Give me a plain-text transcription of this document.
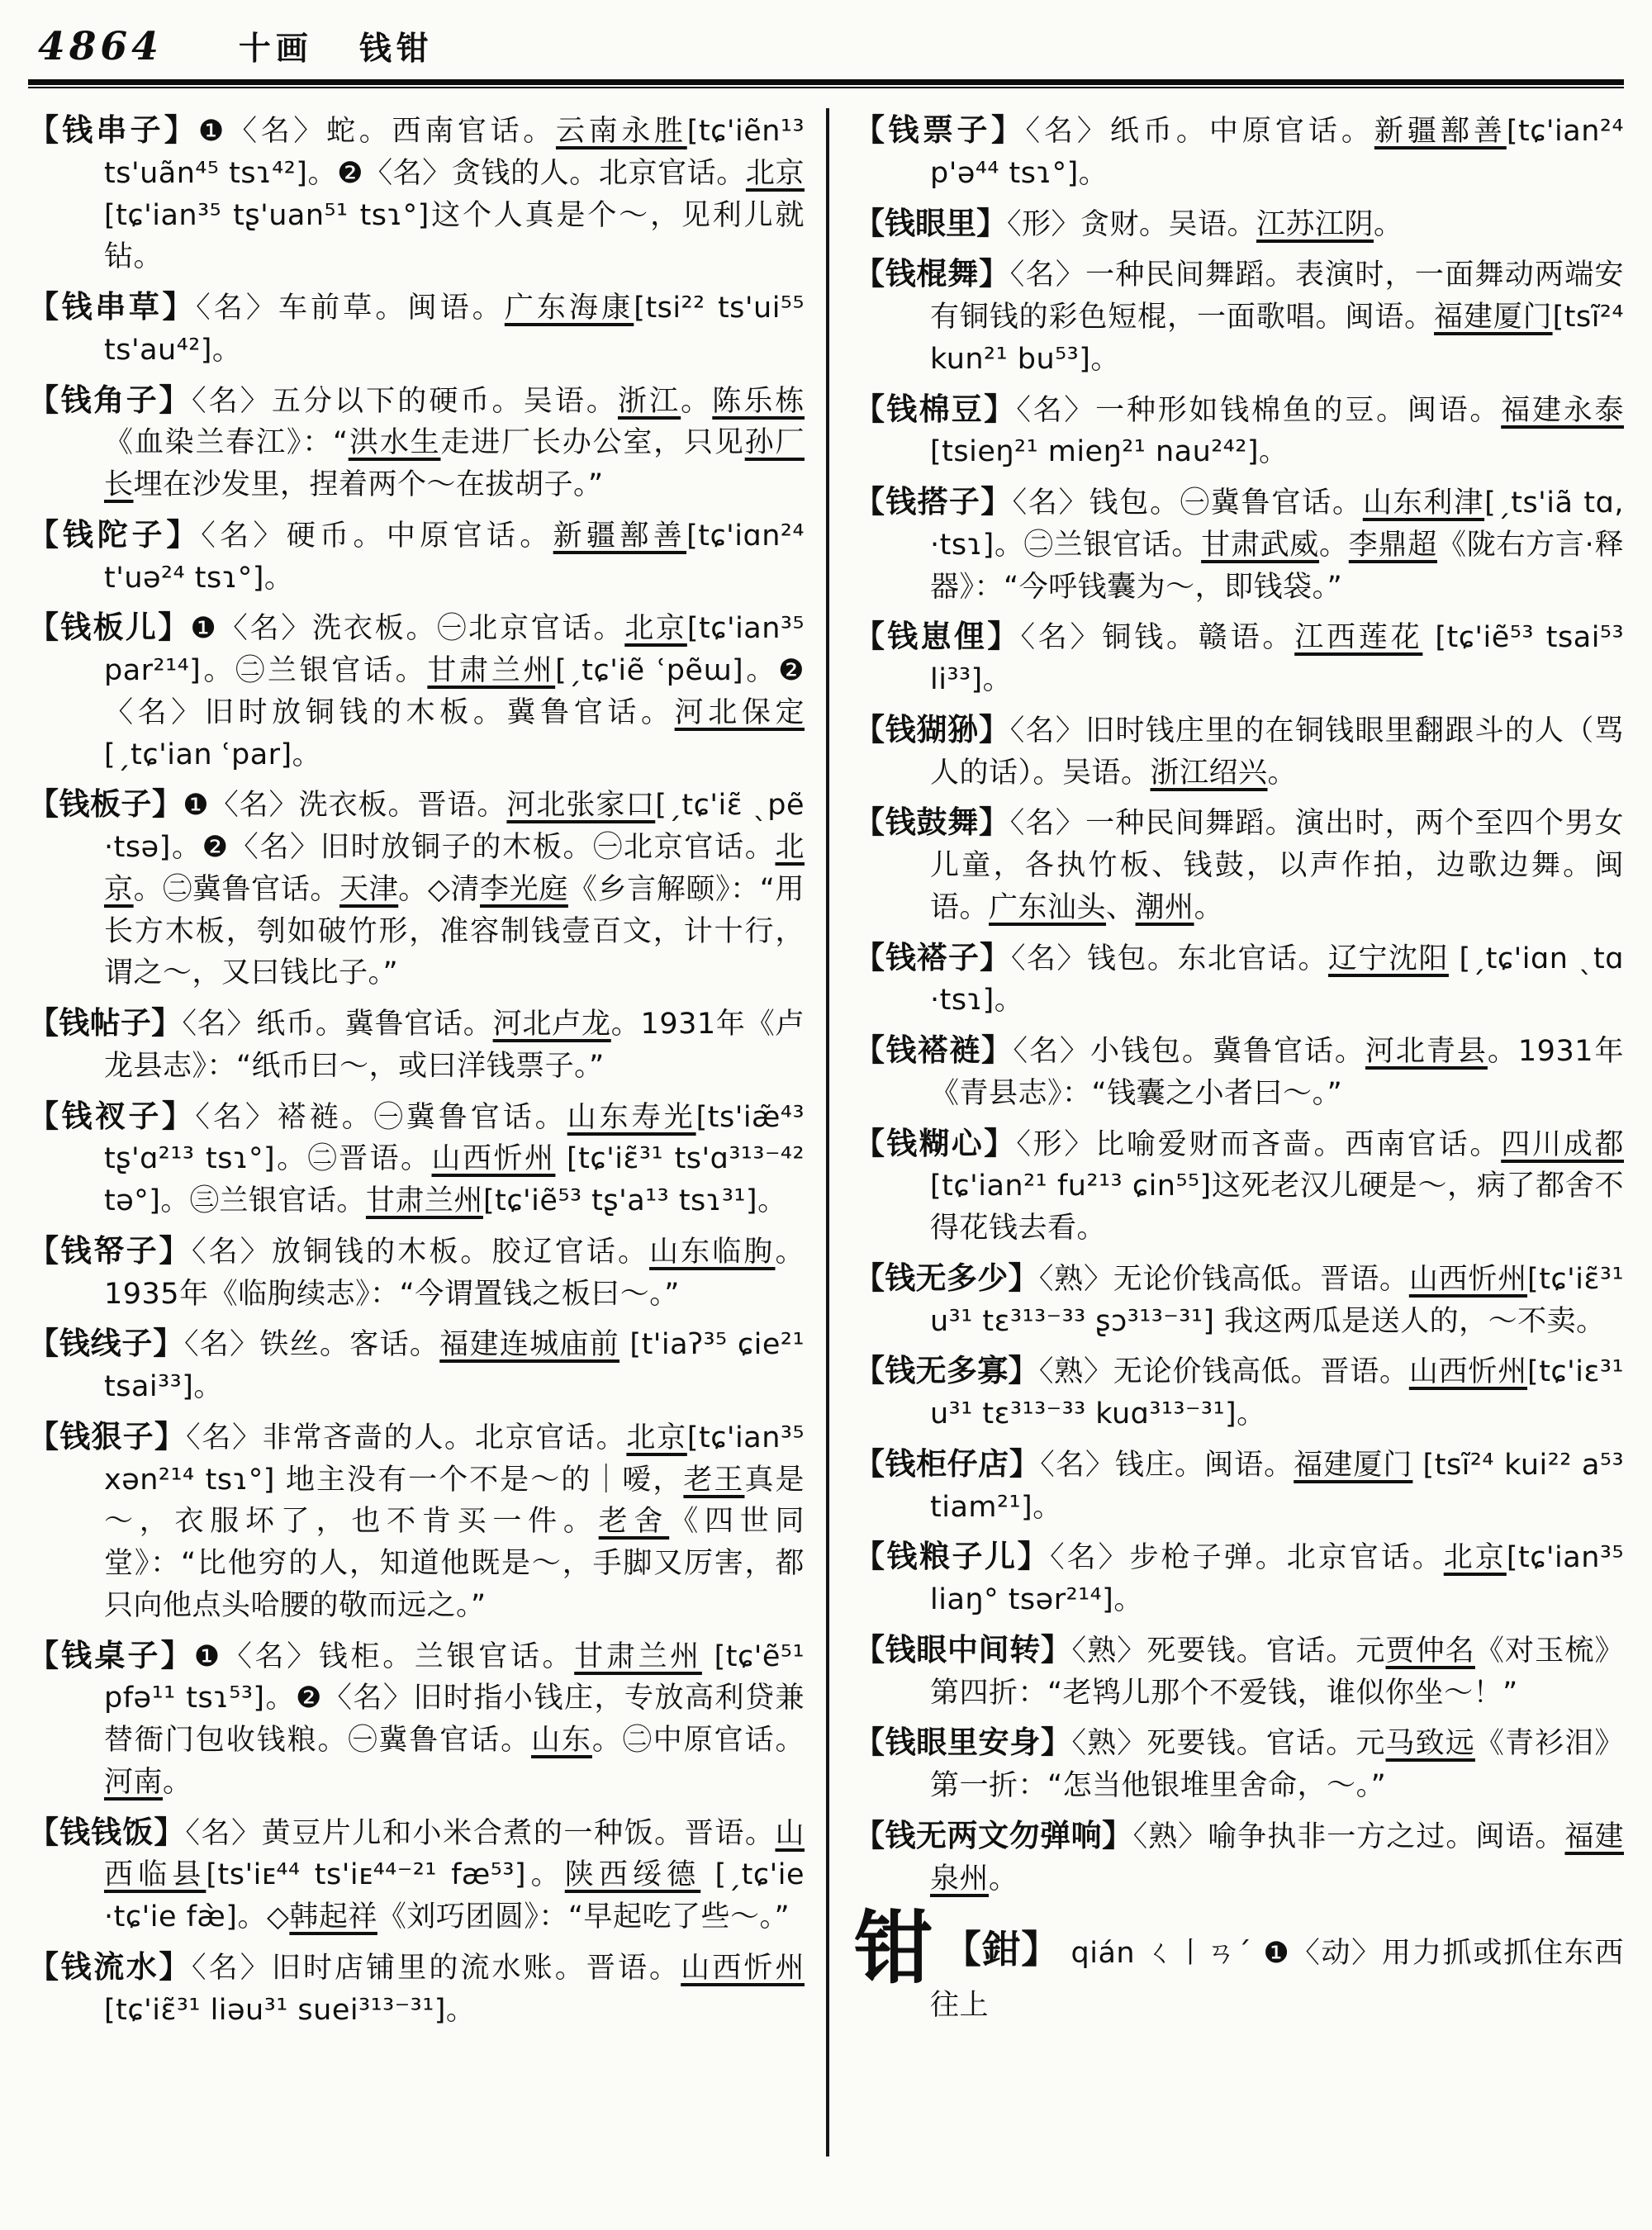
4864 十画 钱钳

【钱串子】❶〈名〉蛇。西南官话。云南永胜[tɕ'iẽn¹³ ts'uãn⁴⁵ tsɿ⁴²]。❷〈名〉贪钱的人。北京官话。北京[tɕ'ian³⁵ tʂ'uan⁵¹ tsɿ°]这个人真是个～，见利儿就钻。

【钱串草】〈名〉车前草。闽语。广东海康[tsi²² ts'ui⁵⁵ ts'au⁴²]。

【钱角子】〈名〉五分以下的硬币。吴语。浙江。陈乐栋《血染兰春江》：“洪水生走进厂长办公室，只见孙厂长埋在沙发里，捏着两个～在拔胡子。”

【钱陀子】〈名〉硬币。中原官话。新疆鄯善[tɕ'iɑn²⁴ t'uə²⁴ tsɿ°]。

【钱板儿】❶〈名〉洗衣板。㊀北京官话。北京[tɕ'ian³⁵ par²¹⁴]。㊁兰银官话。甘肃兰州[ˏtɕ'iẽ ʿpẽɯ]。❷〈名〉旧时放铜钱的木板。冀鲁官话。河北保定 [ˏtɕ'ian ʿpar]。

【钱板子】❶〈名〉洗衣板。晋语。河北张家口[ˏtɕ'iɛ̃ ˎpẽ ·tsə]。❷〈名〉旧时放铜子的木板。㊀北京官话。北京。㊁冀鲁官话。天津。◇清李光庭《乡言解颐》：“用长方木板，刳如破竹形，准容制钱壹百文，计十行，谓之～，又曰钱比子。”

【钱帖子】〈名〉纸币。冀鲁官话。河北卢龙。1931年《卢龙县志》：“纸币曰～，或曰洋钱票子。”

【钱衩子】〈名〉褡裢。㊀冀鲁官话。山东寿光[ts'iæ̃⁴³ tʂ'ɑ²¹³ tsɿ°]。㊁晋语。山西忻州 [tɕ'iɛ̃³¹ ts'ɑ³¹³⁻⁴² tə°]。㊂兰银官话。甘肃兰州[tɕ'iẽ⁵³ tʂ'a¹³ tsɿ³¹]。

【钱帑子】〈名〉放铜钱的木板。胶辽官话。山东临朐。1935年《临朐续志》：“今谓置钱之板曰～。”

【钱线子】〈名〉铁丝。客话。福建连城庙前 [t'iaʔ³⁵ ɕie²¹ tsai³³]。

【钱狠子】〈名〉非常吝啬的人。北京官话。北京[tɕ'ian³⁵ xən²¹⁴ tsɿ°] 地主没有一个不是～的｜嗳，老王真是～，衣服坏了，也不肯买一件。老舍《四世同堂》：“比他穷的人，知道他既是～，手脚又厉害，都只向他点头哈腰的敬而远之。”

【钱桌子】❶〈名〉钱柜。兰银官话。甘肃兰州 [tɕ'ẽ⁵¹ pfə¹¹ tsɿ⁵³]。❷〈名〉旧时指小钱庄，专放高利贷兼替衙门包收钱粮。㊀冀鲁官话。山东。㊁中原官话。河南。

【钱钱饭】〈名〉黄豆片儿和小米合煮的一种饭。晋语。山西临县[ts'iᴇ⁴⁴ ts'iᴇ⁴⁴⁻²¹ fæ⁵³]。陕西绥德 [ˏtɕ'ie ·tɕ'ie fæ̀]。◇韩起祥《刘巧团圆》：“早起吃了些～。”

【钱流水】〈名〉旧时店铺里的流水账。晋语。山西忻州 [tɕ'iɛ̃³¹ liəu³¹ suei³¹³⁻³¹]。

【钱票子】〈名〉纸币。中原官话。新疆鄯善[tɕ'ian²⁴ p'ə⁴⁴ tsɿ°]。

【钱眼里】〈形〉贪财。吴语。江苏江阴。

【钱棍舞】〈名〉一种民间舞蹈。表演时，一面舞动两端安有铜钱的彩色短棍，一面歌唱。闽语。福建厦门[tsĩ²⁴ kun²¹ bu⁵³]。

【钱棉豆】〈名〉一种形如钱棉鱼的豆。闽语。福建永泰[tsieŋ²¹ mieŋ²¹ nau²⁴²]。

【钱搭子】〈名〉钱包。㊀冀鲁官话。山东利津[ˏts'iã tɑ, ·tsɿ]。㊁兰银官话。甘肃武威。李鼎超《陇右方言·释器》：“今呼钱囊为～，即钱袋。”

【钱崽俚】〈名〉铜钱。赣语。江西莲花 [tɕ'iẽ⁵³ tsai⁵³ li³³]。

【钱猢狲】〈名〉旧时钱庄里的在铜钱眼里翻跟斗的人（骂人的话）。吴语。浙江绍兴。

【钱鼓舞】〈名〉一种民间舞蹈。演出时，两个至四个男女儿童，各执竹板、钱鼓，以声作拍，边歌边舞。闽语。广东汕头、潮州。

【钱褡子】〈名〉钱包。东北官话。辽宁沈阳 [ˏtɕ'iɑn ˎtɑ ·tsɿ]。

【钱褡裢】〈名〉小钱包。冀鲁官话。河北青县。1931年《青县志》：“钱囊之小者曰～。”

【钱糊心】〈形〉比喻爱财而吝啬。西南官话。四川成都[tɕ'ian²¹ fu²¹³ ɕin⁵⁵]这死老汉儿硬是～，病了都舍不得花钱去看。

【钱无多少】〈熟〉无论价钱高低。晋语。山西忻州[tɕ'iɛ̃³¹ u³¹ tɛ³¹³⁻³³ ʂɔ³¹³⁻³¹] 我这两瓜是送人的，～不卖。

【钱无多寡】〈熟〉无论价钱高低。晋语。山西忻州[tɕ'iɛ³¹ u³¹ tɛ³¹³⁻³³ kuɑ³¹³⁻³¹]。

【钱柜仔店】〈名〉钱庄。闽语。福建厦门 [tsĩ²⁴ kui²² a⁵³ tiam²¹]。

【钱粮子儿】〈名〉步枪子弹。北京官话。北京[tɕ'ian³⁵ liaŋ° tsər²¹⁴]。

【钱眼中间转】〈熟〉死要钱。官话。元贾仲名《对玉梳》第四折：“老鸨儿那个不爱钱，谁似你坐～！”

【钱眼里安身】〈熟〉死要钱。官话。元马致远《青衫泪》第一折：“怎当他银堆里舍命，～。”

【钱无两文勿弹响】〈熟〉喻争执非一方之过。闽语。福建泉州。

钳 【鉗】 qián ㄑ丨ㄢˊ ❶〈动〉用力抓或抓住东西往上
